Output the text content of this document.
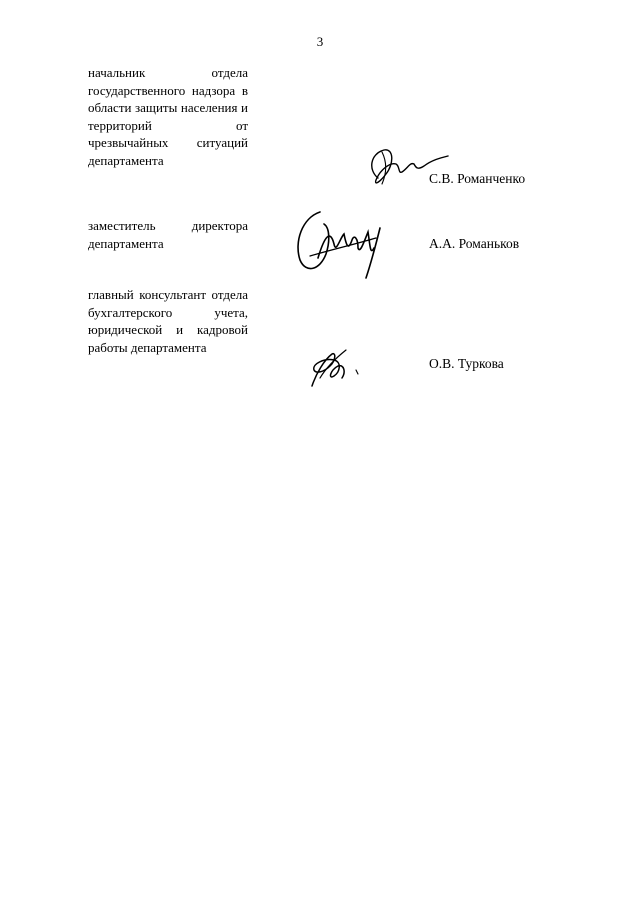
3
начальник отдела государственного надзора в области защиты населения и территорий от чрезвычайных ситуаций департамента
С.В. Романченко
заместитель директора департамента	А.А. Романьков
главный консультант отдела бухгалтерского учета, юридической и кадровой работы департамента
О.В. Туркова
